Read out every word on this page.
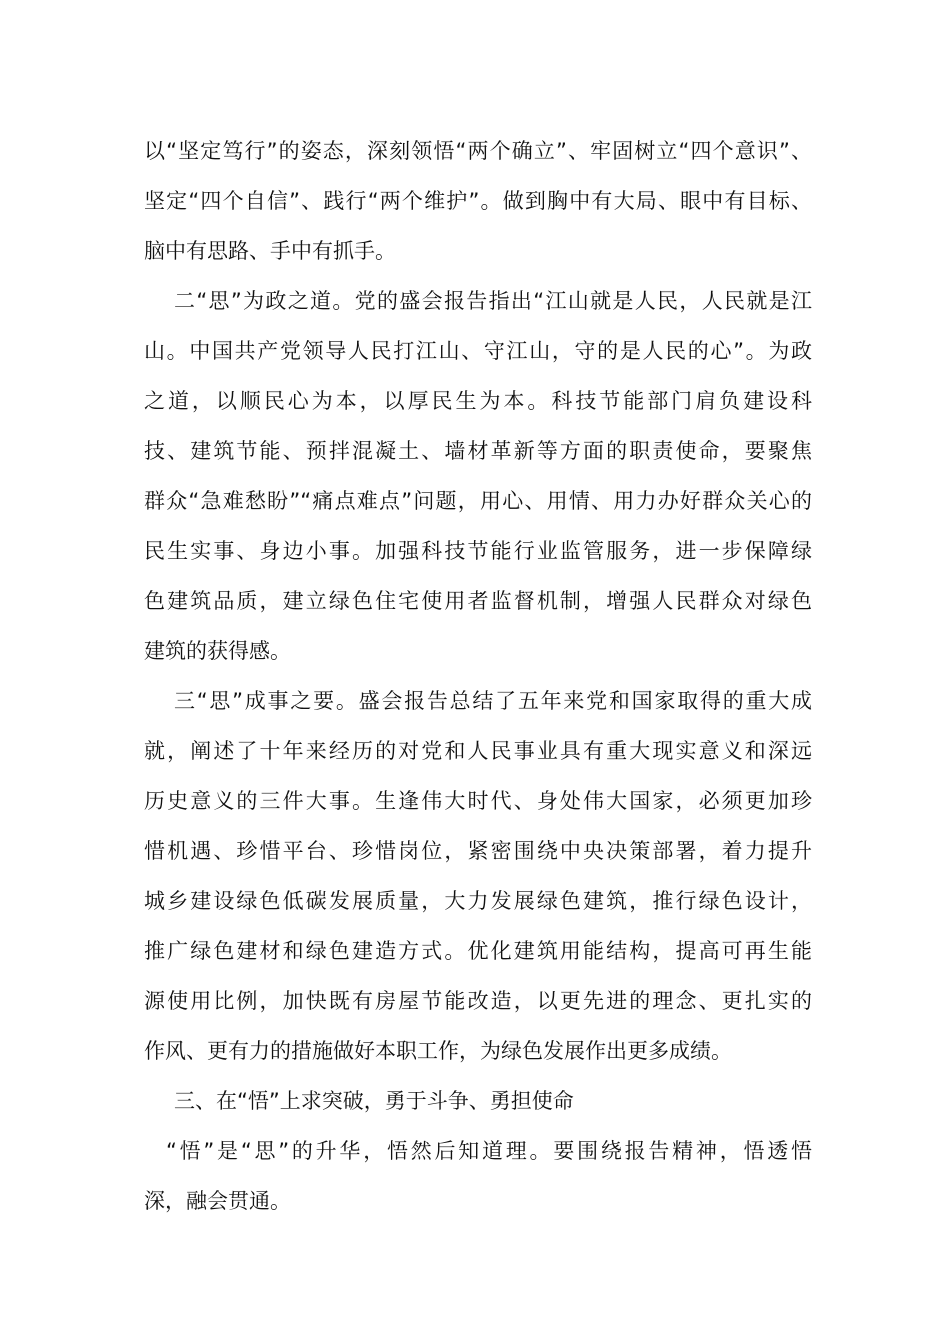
以“坚定笃行”的姿态，深刻领悟“两个确立”、牢固树立“四个意识”、
坚定“四个自信”、践行“两个维护”。做到胸中有大局、眼中有目标、
脑中有思路、手中有抓手。
二“思”为政之道。党的盛会报告指出“江山就是人民，人民就是江
山。中国共产党领导人民打江山、守江山，守的是人民的心”。为政
之道，以顺民心为本，以厚民生为本。科技节能部门肩负建设科
技、建筑节能、预拌混凝土、墙材革新等方面的职责使命，要聚焦
群众“急难愁盼”“痛点难点”问题，用心、用情、用力办好群众关心的
民生实事、身边小事。加强科技节能行业监管服务，进一步保障绿
色建筑品质，建立绿色住宅使用者监督机制，增强人民群众对绿色
建筑的获得感。
三“思”成事之要。盛会报告总结了五年来党和国家取得的重大成
就，阐述了十年来经历的对党和人民事业具有重大现实意义和深远
历史意义的三件大事。生逢伟大时代、身处伟大国家，必须更加珍
惜机遇、珍惜平台、珍惜岗位，紧密围绕中央决策部署，着力提升
城乡建设绿色低碳发展质量，大力发展绿色建筑，推行绿色设计，
推广绿色建材和绿色建造方式。优化建筑用能结构，提高可再生能
源使用比例，加快既有房屋节能改造，以更先进的理念、更扎实的
作风、更有力的措施做好本职工作，为绿色发展作出更多成绩。
三、在“悟”上求突破，勇于斗争、勇担使命
“悟”是“思”的升华，悟然后知道理。要围绕报告精神，悟透悟
深，融会贯通。
